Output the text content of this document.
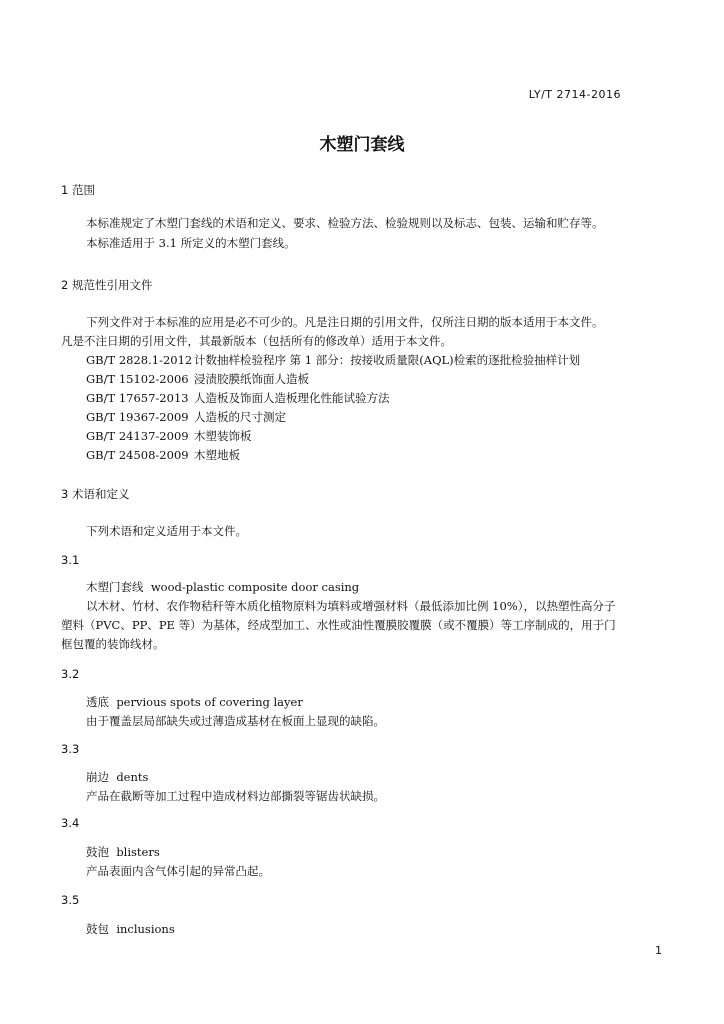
LY/T 2714-2016
木塑门套线
1 范围
本标准规定了木塑门套线的术语和定义、要求、检验方法、检验规则以及标志、包装、运输和贮存等。
本标准适用于 3.1 所定义的木塑门套线。
2 规范性引用文件
下列文件对于本标准的应用是必不可少的。凡是注日期的引用文件，仅所注日期的版本适用于本文件。
凡是不注日期的引用文件，其最新版本（包括所有的修改单）适用于本文件。
GB/T 2828.1-2012 计数抽样检验程序 第 1 部分：按接收质量限(AQL)检索的逐批检验抽样计划
GB/T 15102-2006 浸渍胶膜纸饰面人造板
GB/T 17657-2013 人造板及饰面人造板理化性能试验方法
GB/T 19367-2009 人造板的尺寸测定
GB/T 24137-2009 木塑装饰板
GB/T 24508-2009 木塑地板
3 术语和定义
下列术语和定义适用于本文件。
3.1
木塑门套线 wood-plastic composite door casing
以木材、竹材、农作物秸秆等木质化植物原料为填料或增强材料（最低添加比例 10%），以热塑性高分子
塑料（PVC、PP、PE 等）为基体，经成型加工、水性或油性覆膜胶覆膜（或不覆膜）等工序制成的，用于门
框包覆的装饰线材。
3.2
透底 pervious spots of covering layer
由于覆盖层局部缺失或过薄造成基材在板面上显现的缺陷。
3.3
崩边 dents
产品在截断等加工过程中造成材料边部撕裂等锯齿状缺损。
3.4
鼓泡 blisters
产品表面内含气体引起的异常凸起。
3.5
鼓包 inclusions
1
